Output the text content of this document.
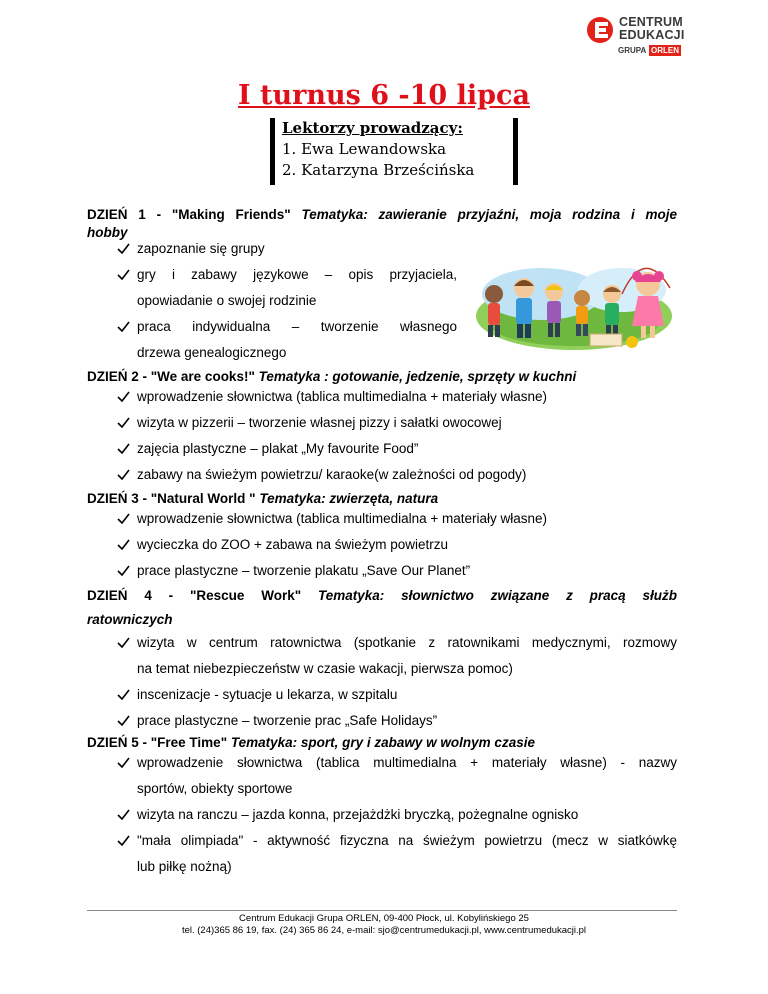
CENTRUM
EDUKACJI
GRUPA ORLEN
I turnus 6 -10 lipca
Lektorzy prowadzący:
1. Ewa Lewandowska
2. Katarzyna Brześcińska
DZIEŃ 1 - "Making Friends" Tematyka: zawieranie przyjaźni, moja rodzina i moje
hobby
zapoznanie się grupy
gry i zabawy językowe – opis przyjaciela,
opowiadanie o swojej rodzinie
praca indywidualna – tworzenie własnego
drzewa genealogicznego
DZIEŃ 2 - "We are cooks!" Tematyka : gotowanie, jedzenie, sprzęty w kuchni
wprowadzenie słownictwa (tablica multimedialna + materiały własne)
wizyta w pizzerii – tworzenie własnej pizzy i sałatki owocowej
zajęcia plastyczne – plakat „My favourite Food”
zabawy na świeżym powietrzu/ karaoke(w zależności od pogody)
DZIEŃ 3 - "Natural World " Tematyka: zwierzęta, natura
wprowadzenie słownictwa (tablica multimedialna + materiały własne)
wycieczka do ZOO + zabawa na świeżym powietrzu
prace plastyczne – tworzenie plakatu „Save Our Planet”
DZIEŃ 4 - "Rescue Work" Tematyka: słownictwo związane z pracą służb
ratowniczych
wizyta w centrum ratownictwa (spotkanie z ratownikami medycznymi, rozmowy
na temat niebezpieczeństw w czasie wakacji, pierwsza pomoc)
inscenizacje - sytuacje u lekarza, w szpitalu
prace plastyczne – tworzenie prac „Safe Holidays”
DZIEŃ 5 - "Free Time" Tematyka: sport, gry i zabawy w wolnym czasie
wprowadzenie słownictwa (tablica multimedialna + materiały własne) - nazwy
sportów, obiekty sportowe
wizyta na ranczu – jazda konna, przejażdżki bryczką, pożegnalne ognisko
"mała olimpiada" - aktywność fizyczna na świeżym powietrzu (mecz w siatkówkę
lub piłkę nożną)
Centrum Edukacji Grupa ORLEN, 09-400 Płock, ul. Kobylińskiego 25
tel. (24)365 86 19, fax. (24) 365 86 24, e-mail: sjo@centrumedukacji.pl, www.centrumedukacji.pl
